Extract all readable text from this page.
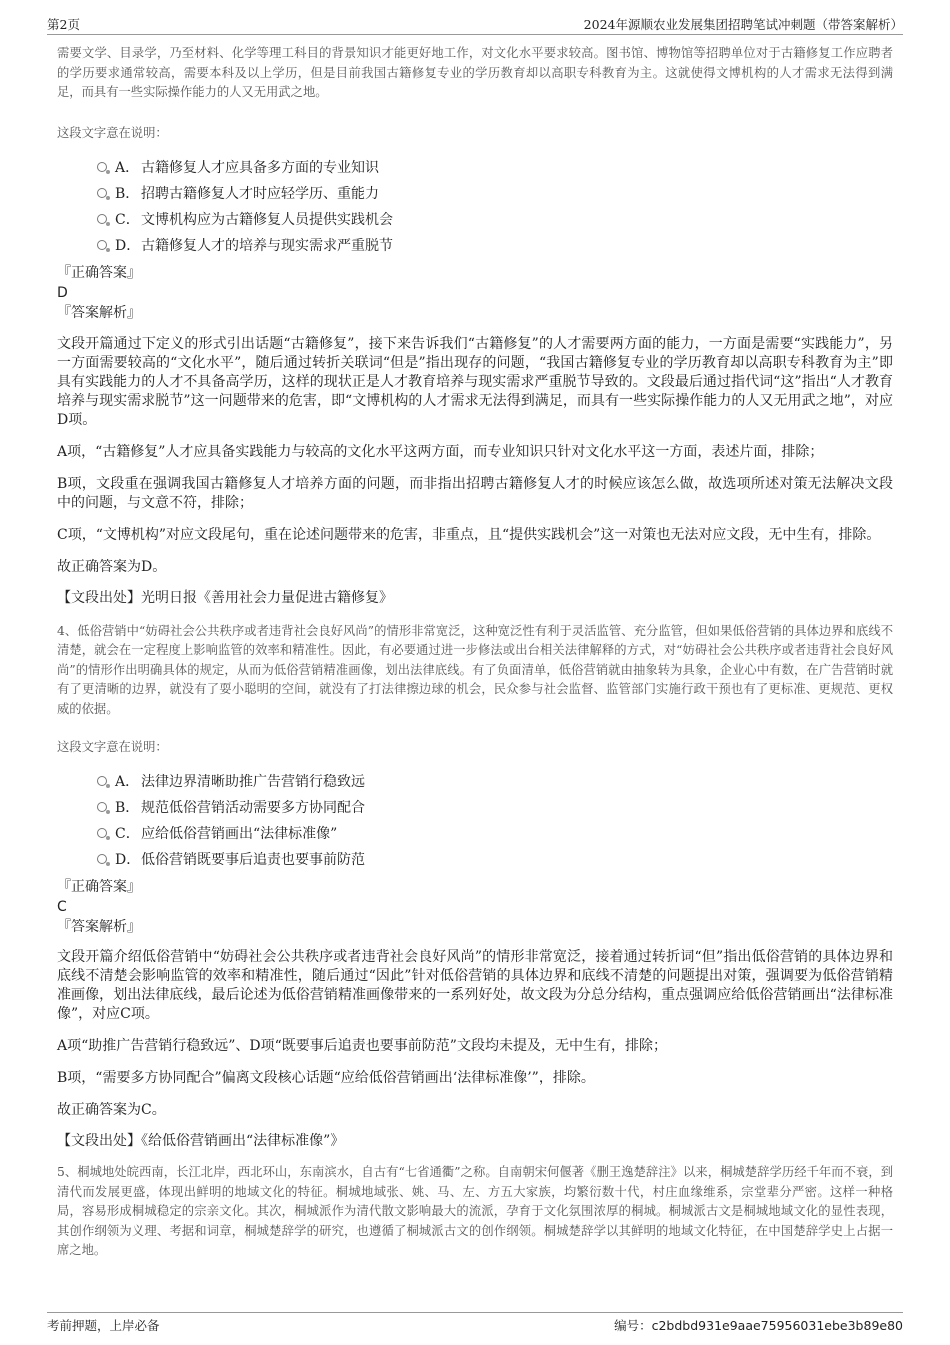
第2页	2024年源顺农业发展集团招聘笔试冲刺题（带答案解析）

需要文学、目录学，乃至材料、化学等理工科目的背景知识才能更好地工作，对文化水平要求较高。图书馆、博物馆等招聘单位对于古籍修复工作应聘者的学历要求通常较高，需要本科及以上学历，但是目前我国古籍修复专业的学历教育却以高职专科教育为主。这就使得文博机构的人才需求无法得到满足，而具有一些实际操作能力的人又无用武之地。

这段文字意在说明：

A． 古籍修复人才应具备多方面的专业知识
B． 招聘古籍修复人才时应轻学历、重能力
C． 文博机构应为古籍修复人员提供实践机会
D． 古籍修复人才的培养与现实需求严重脱节

『正确答案』

D

『答案解析』

文段开篇通过下定义的形式引出话题“古籍修复”，接下来告诉我们“古籍修复”的人才需要两方面的能力，一方面是需要“实践能力”，另一方面需要较高的“文化水平”，随后通过转折关联词“但是”指出现存的问题，“我国古籍修复专业的学历教育却以高职专科教育为主”即具有实践能力的人才不具备高学历，这样的现状正是人才教育培养与现实需求严重脱节导致的。文段最后通过指代词“这”指出“人才教育培养与现实需求脱节”这一问题带来的危害，即“文博机构的人才需求无法得到满足，而具有一些实际操作能力的人又无用武之地”，对应D项。

A项，“古籍修复”人才应具备实践能力与较高的文化水平这两方面，而专业知识只针对文化水平这一方面，表述片面，排除；

B项，文段重在强调我国古籍修复人才培养方面的问题，而非指出招聘古籍修复人才的时候应该怎么做，故选项所述对策无法解决文段中的问题，与文意不符，排除；

C项，“文博机构”对应文段尾句，重在论述问题带来的危害，非重点，且“提供实践机会”这一对策也无法对应文段，无中生有，排除。

故正确答案为D。

【文段出处】光明日报《善用社会力量促进古籍修复》

4、低俗营销中“妨碍社会公共秩序或者违背社会良好风尚”的情形非常宽泛，这种宽泛性有利于灵活监管、充分监管，但如果低俗营销的具体边界和底线不清楚，就会在一定程度上影响监管的效率和精准性。因此，有必要通过进一步修法或出台相关法律解释的方式，对“妨碍社会公共秩序或者违背社会良好风尚”的情形作出明确具体的规定，从而为低俗营销精准画像，划出法律底线。有了负面清单，低俗营销就由抽象转为具象，企业心中有数，在广告营销时就有了更清晰的边界，就没有了耍小聪明的空间，就没有了打法律擦边球的机会，民众参与社会监督、监管部门实施行政干预也有了更标准、更规范、更权威的依据。

这段文字意在说明：

A． 法律边界清晰助推广告营销行稳致远
B． 规范低俗营销活动需要多方协同配合
C． 应给低俗营销画出“法律标准像”
D． 低俗营销既要事后追责也要事前防范

『正确答案』

C

『答案解析』

文段开篇介绍低俗营销中“妨碍社会公共秩序或者违背社会良好风尚”的情形非常宽泛，接着通过转折词“但”指出低俗营销的具体边界和底线不清楚会影响监管的效率和精准性，随后通过“因此”针对低俗营销的具体边界和底线不清楚的问题提出对策，强调要为低俗营销精准画像，划出法律底线，最后论述为低俗营销精准画像带来的一系列好处，故文段为分总分结构，重点强调应给低俗营销画出“法律标准像”，对应C项。

A项“助推广告营销行稳致远”、D项“既要事后追责也要事前防范”文段均未提及，无中生有，排除；

B项，“需要多方协同配合”偏离文段核心话题“应给低俗营销画出‘法律标准像’”，排除。

故正确答案为C。

【文段出处】《给低俗营销画出“法律标准像”》

5、桐城地处皖西南，长江北岸，西北环山，东南滨水，自古有“七省通衢”之称。自南朝宋何偃著《删王逸楚辞注》以来，桐城楚辞学历经千年而不衰，到清代而发展更盛，体现出鲜明的地域文化的特征。桐城地域张、姚、马、左、方五大家族，均繁衍数十代，村庄血缘维系，宗堂辈分严密。这样一种格局，容易形成桐城稳定的宗亲文化。其次，桐城派作为清代散文影响最大的流派，孕育于文化氛围浓厚的桐城。桐城派古文是桐城地域文化的显性表现，其创作纲领为义理、考据和词章，桐城楚辞学的研究，也遵循了桐城派古文的创作纲领。桐城楚辞学以其鲜明的地域文化特征，在中国楚辞学史上占据一席之地。

考前押题，上岸必备	编号：c2bdbd931e9aae75956031ebe3b89e80
